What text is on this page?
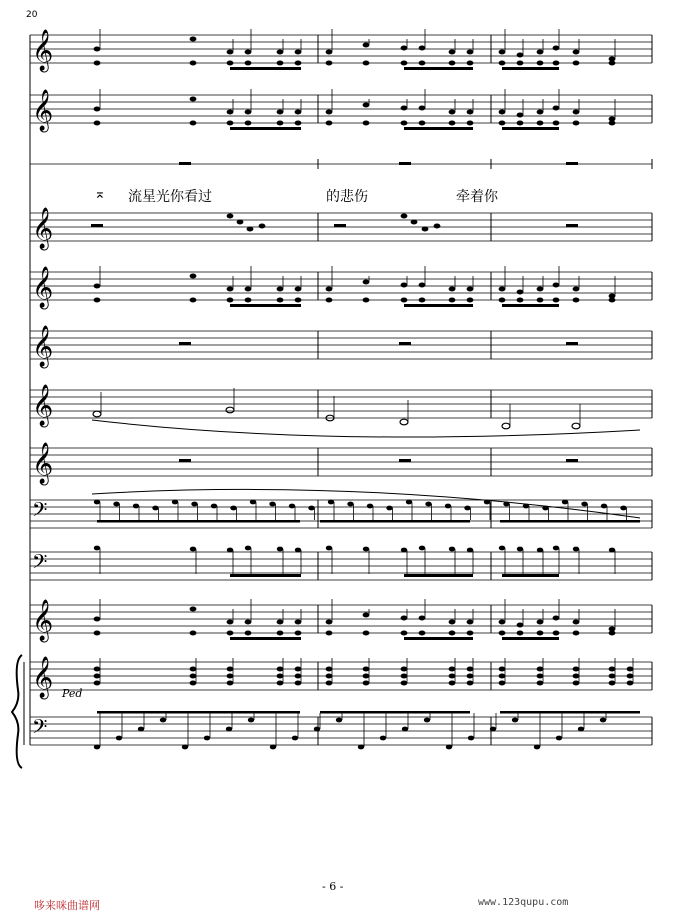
𝄞
𝄞
𝄞
𝄞
𝄞
𝄞
𝄞
𝄢
𝄢
𝄞
𝄞
𝄢
20
⌅ 流星光你看过	的悲伤	牵着你
Ped
- 6 -
哆来咪曲谱网	www.123qupu.com
